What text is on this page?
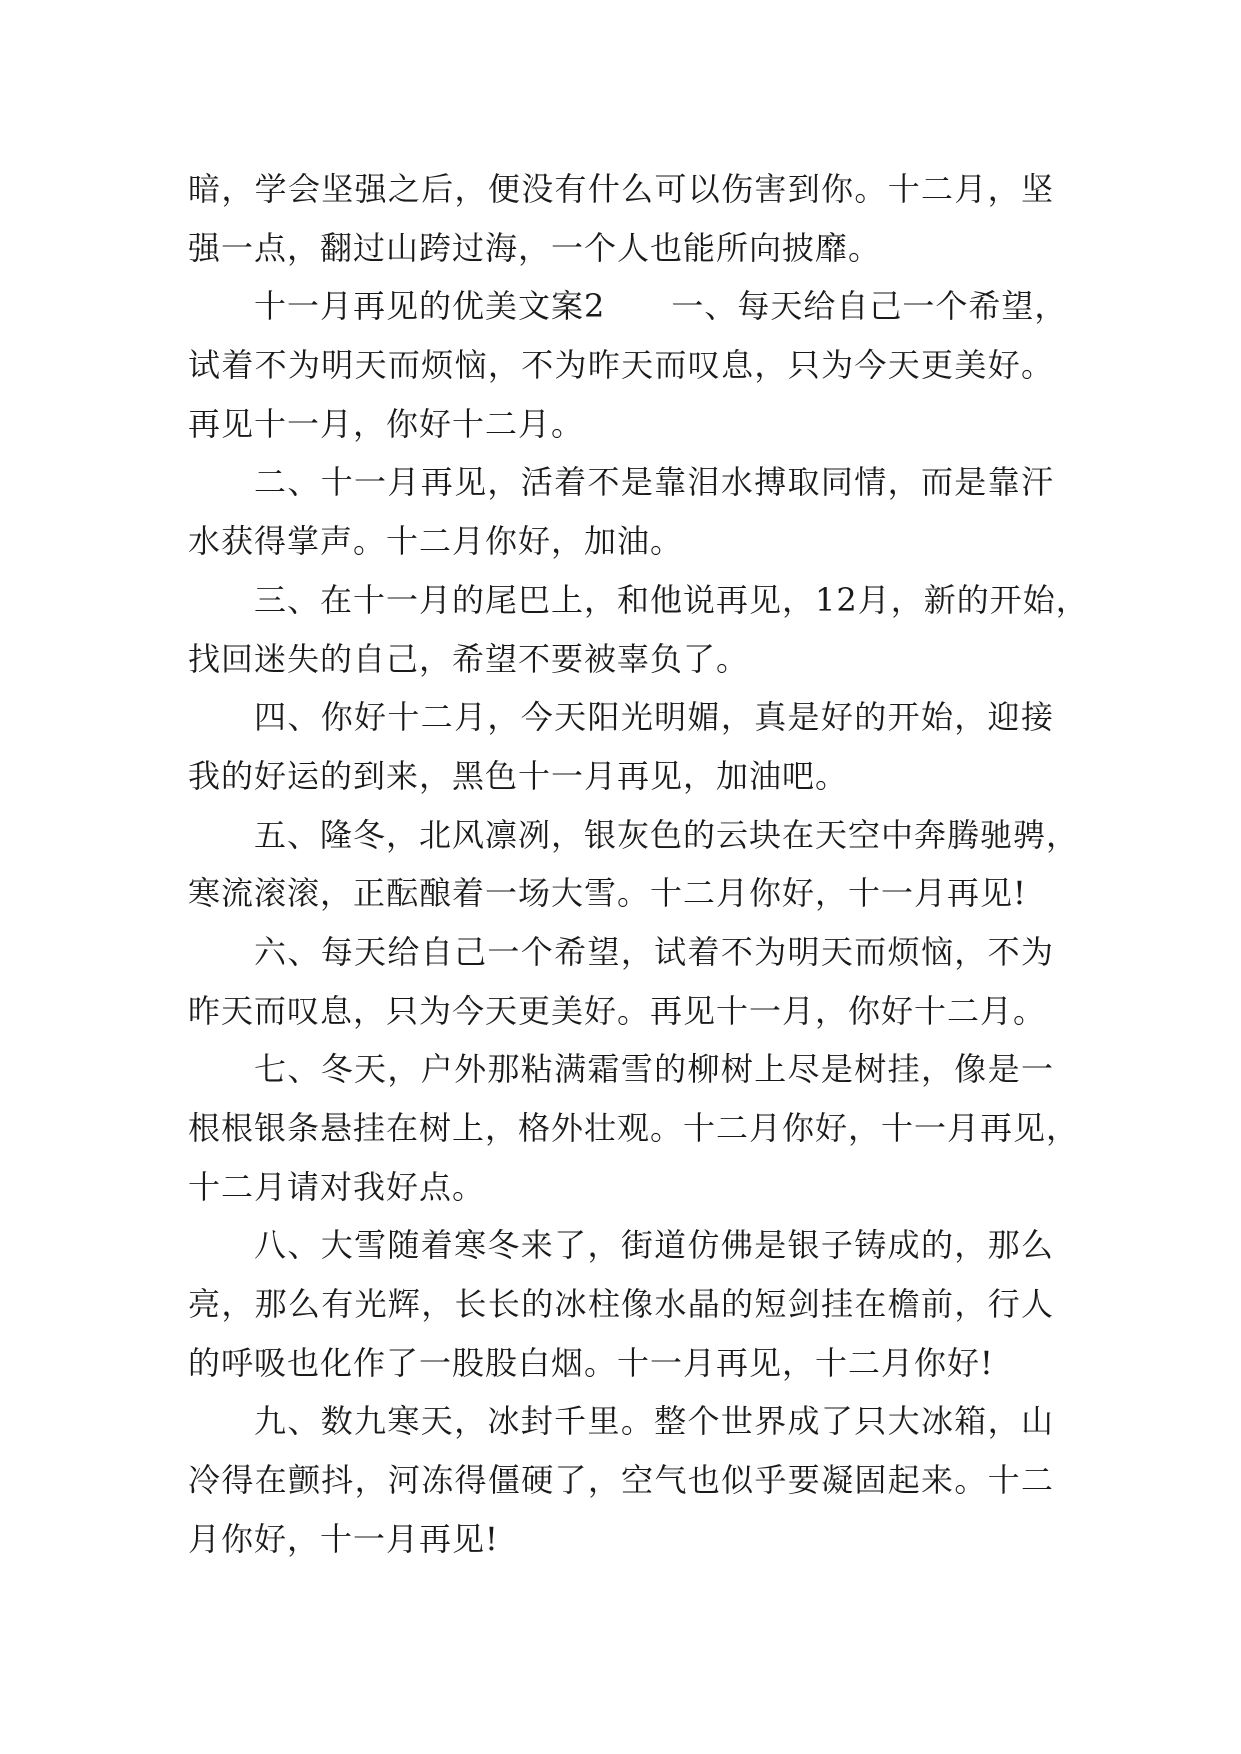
暗，学会坚强之后，便没有什么可以伤害到你。十二月，坚
强一点，翻过山跨过海，一个人也能所向披靡。
十一月再见的优美文案2　　一、每天给自己一个希望，
试着不为明天而烦恼，不为昨天而叹息，只为今天更美好。
再见十一月，你好十二月。
二、十一月再见，活着不是靠泪水搏取同情，而是靠汗
水获得掌声。十二月你好，加油。
三、在十一月的尾巴上，和他说再见，12月，新的开始，
找回迷失的自己，希望不要被辜负了。
四、你好十二月，今天阳光明媚，真是好的开始，迎接
我的好运的到来，黑色十一月再见，加油吧。
五、隆冬，北风凛冽，银灰色的云块在天空中奔腾驰骋，
寒流滚滚，正酝酿着一场大雪。十二月你好，十一月再见!
六、每天给自己一个希望，试着不为明天而烦恼，不为
昨天而叹息，只为今天更美好。再见十一月，你好十二月。
七、冬天，户外那粘满霜雪的柳树上尽是树挂，像是一
根根银条悬挂在树上，格外壮观。十二月你好，十一月再见，
十二月请对我好点。
八、大雪随着寒冬来了，街道仿佛是银子铸成的，那么
亮，那么有光辉，长长的冰柱像水晶的短剑挂在檐前，行人
的呼吸也化作了一股股白烟。十一月再见，十二月你好!
九、数九寒天，冰封千里。整个世界成了只大冰箱，山
冷得在颤抖，河冻得僵硬了，空气也似乎要凝固起来。十二
月你好，十一月再见!
